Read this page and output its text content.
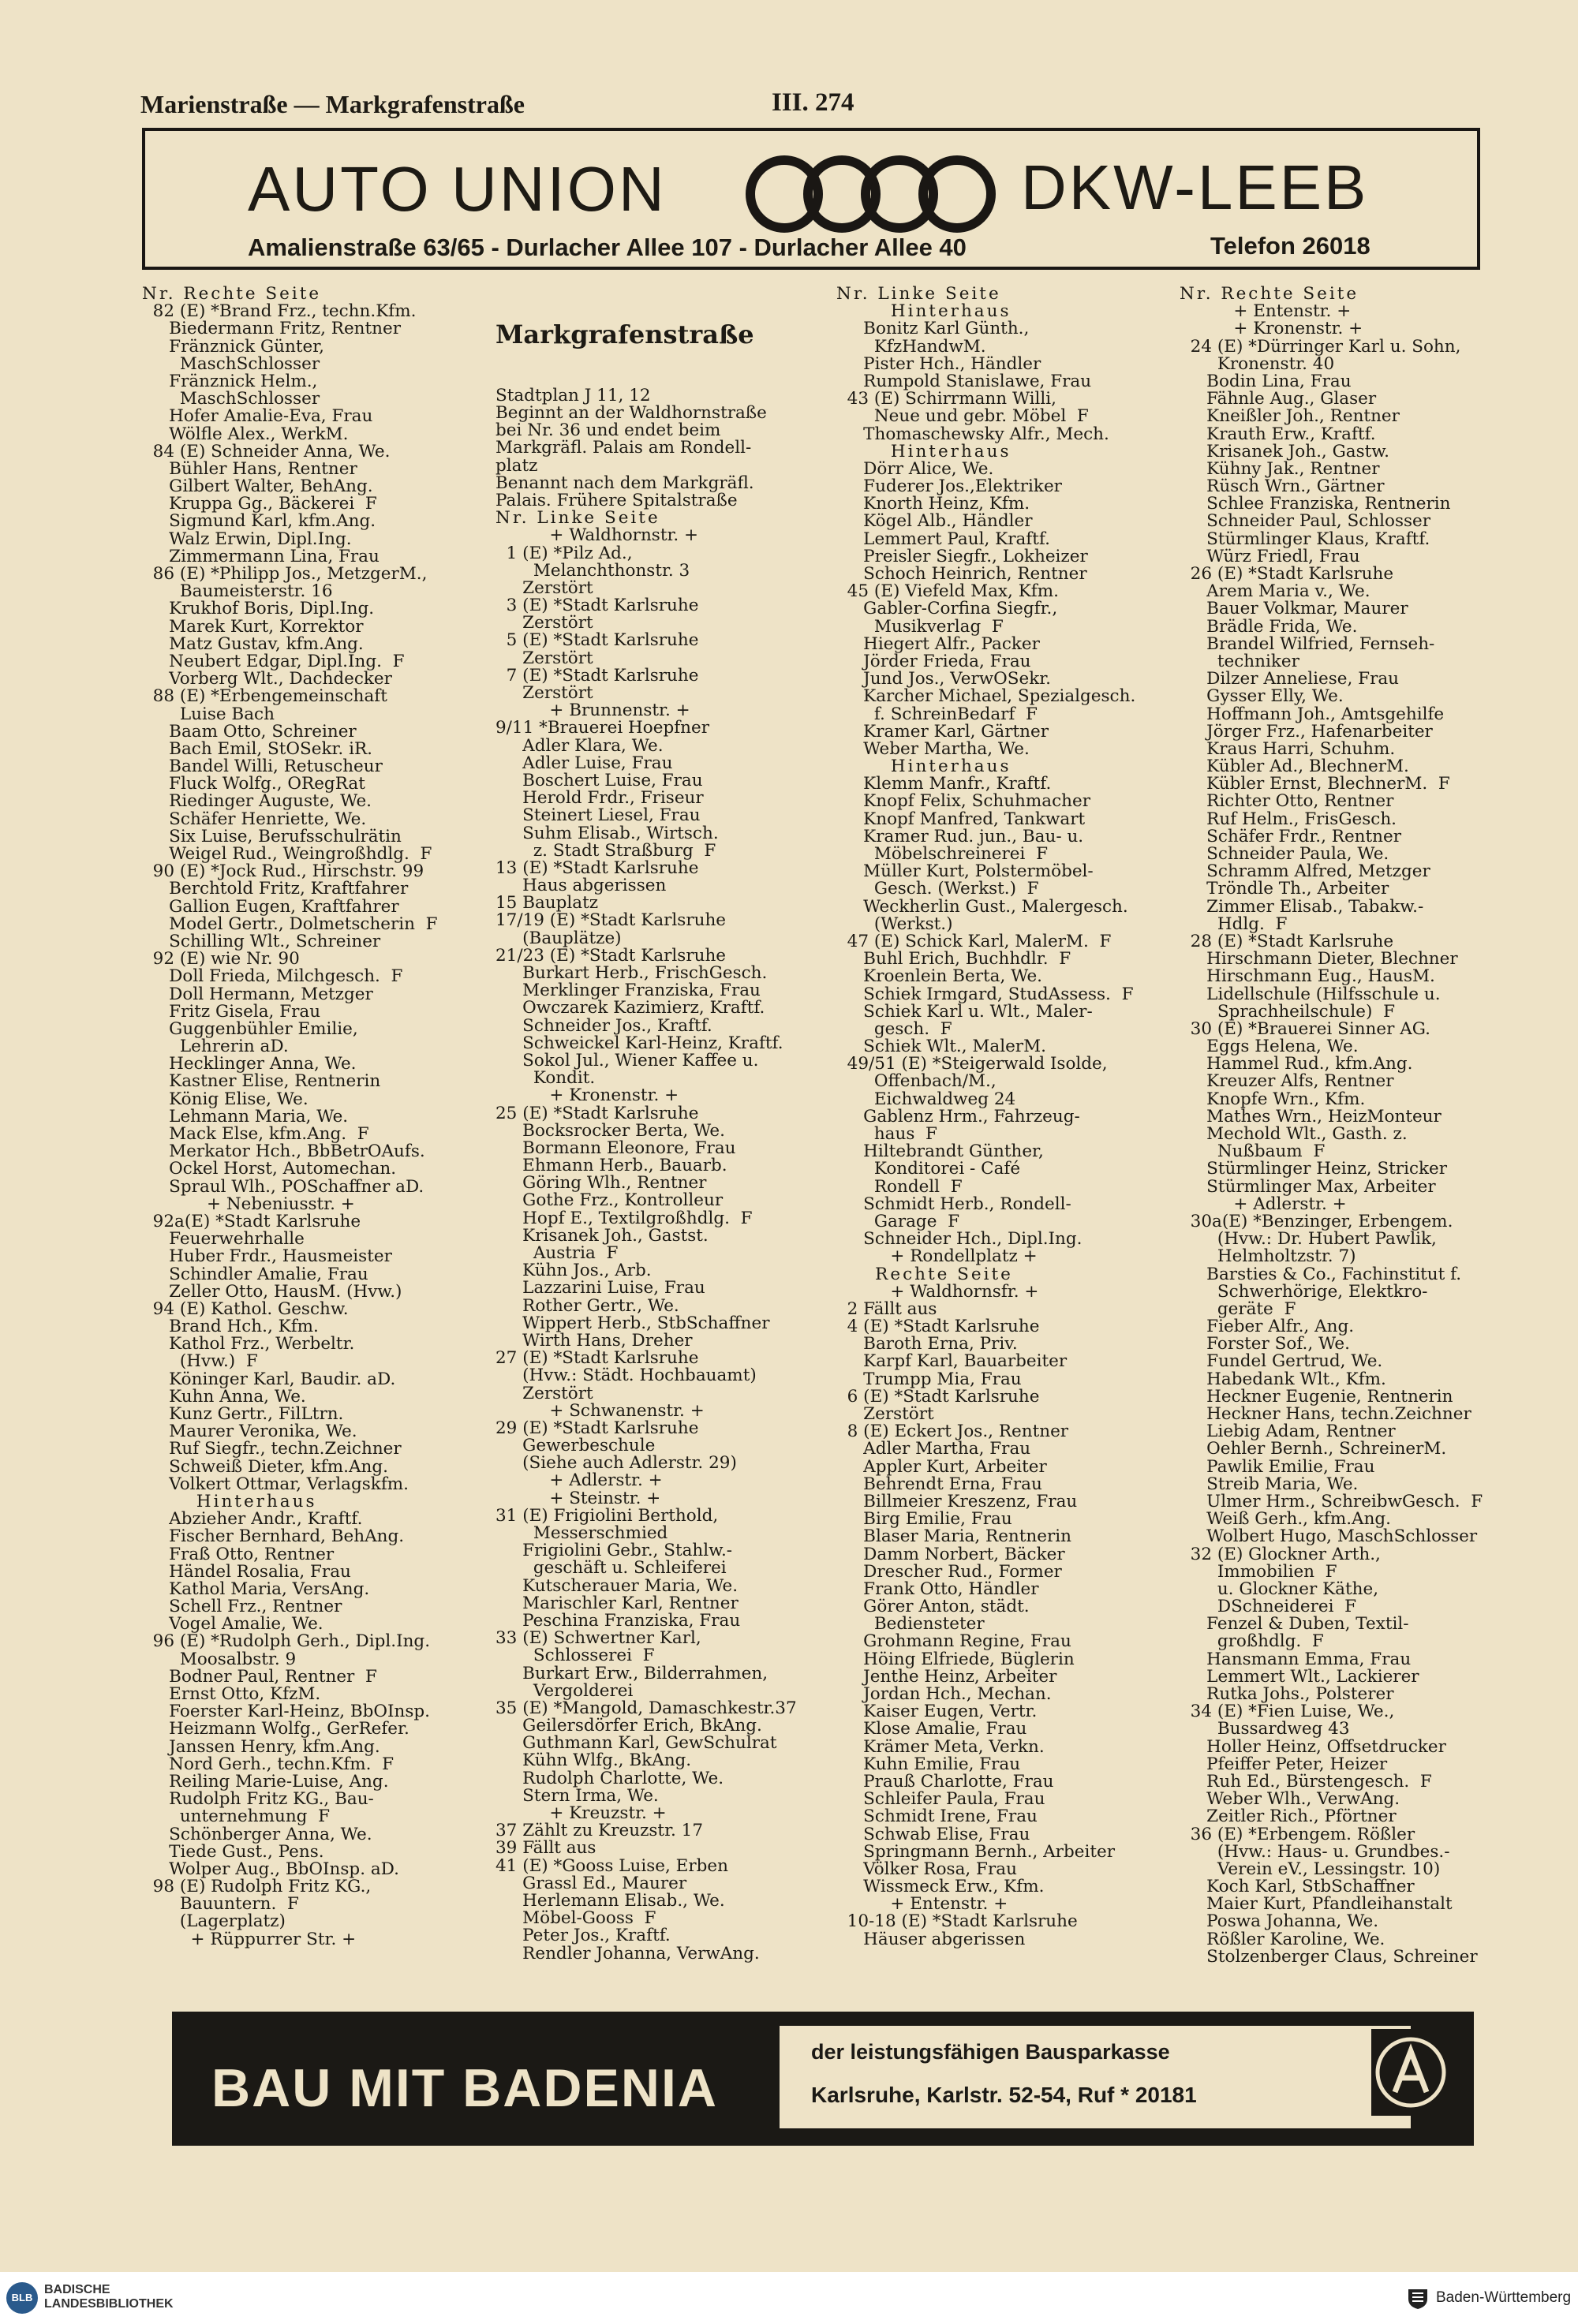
Marienstraße — Markgrafenstraße	III. 274
AUTO UNION	DKW-LEEB
Amalienstraße 63/65 - Durlacher Allee 107 - Durlacher Allee 40	Telefon 26018
Nr. Rechte Seite
82 (E) *Brand Frz., techn.Kfm.
Biedermann Fritz, Rentner
Fränznick Günter,
MaschSchlosser
Fränznick Helm.,
MaschSchlosser
Hofer Amalie-Eva, Frau
Wölfle Alex., WerkM.
84 (E) Schneider Anna, We.
Bühler Hans, Rentner
Gilbert Walter, BehAng.
Kruppa Gg., Bäckerei  F
Sigmund Karl, kfm.Ang.
Walz Erwin, Dipl.Ing.
Zimmermann Lina, Frau
86 (E) *Philipp Jos., MetzgerM.,
Baumeisterstr. 16
Krukhof Boris, Dipl.Ing.
Marek Kurt, Korrektor
Matz Gustav, kfm.Ang.
Neubert Edgar, Dipl.Ing.  F
Vorberg Wlt., Dachdecker
88 (E) *Erbengemeinschaft
Luise Bach
Baam Otto, Schreiner
Bach Emil, StOSekr. iR.
Bandel Willi, Retuscheur
Fluck Wolfg., ORegRat
Riedinger Auguste, We.
Schäfer Henriette, We.
Six Luise, Berufsschulrätin
Weigel Rud., Weingroßhdlg.  F
90 (E) *Jock Rud., Hirschstr. 99
Berchtold Fritz, Kraftfahrer
Gallion Eugen, Kraftfahrer
Model Gertr., Dolmetscherin  F
Schilling Wlt., Schreiner
92 (E) wie Nr. 90
Doll Frieda, Milchgesch.  F
Doll Hermann, Metzger
Fritz Gisela, Frau
Guggenbühler Emilie,
Lehrerin aD.
Hecklinger Anna, We.
Kastner Elise, Rentnerin
König Elise, We.
Lehmann Maria, We.
Mack Else, kfm.Ang.  F
Merkator Hch., BbBetrOAufs.
Ockel Horst, Automechan.
Spraul Wlh., POSchaffner aD.
+ Nebeniusstr. +
92a(E) *Stadt Karlsruhe
Feuerwehrhalle
Huber Frdr., Hausmeister
Schindler Amalie, Frau
Zeller Otto, HausM. (Hvw.)
94 (E) Kathol. Geschw.
Brand Hch., Kfm.
Kathol Frz., Werbeltr.
(Hvw.)  F
Köninger Karl, Baudir. aD.
Kuhn Anna, We.
Kunz Gertr., FilLtrn.
Maurer Veronika, We.
Ruf Siegfr., techn.Zeichner
Schweiß Dieter, kfm.Ang.
Volkert Ottmar, Verlagskfm.
Hinterhaus
Abzieher Andr., Kraftf.
Fischer Bernhard, BehAng.
Fraß Otto, Rentner
Händel Rosalia, Frau
Kathol Maria, VersAng.
Schell Frz., Rentner
Vogel Amalie, We.
96 (E) *Rudolph Gerh., Dipl.Ing.
Moosalbstr. 9
Bodner Paul, Rentner  F
Ernst Otto, KfzM.
Foerster Karl-Heinz, BbOInsp.
Heizmann Wolfg., GerRefer.
Janssen Henry, kfm.Ang.
Nord Gerh., techn.Kfm.  F
Reiling Marie-Luise, Ang.
Rudolph Fritz KG., Bau-
unternehmung  F
Schönberger Anna, We.
Tiede Gust., Pens.
Wolper Aug., BbOInsp. aD.
98 (E) Rudolph Fritz KG.,
Bauuntern.  F
(Lagerplatz)
+ Rüppurrer Str. +

Markgrafenstraße

Stadtplan J 11, 12
Beginnt an der Waldhornstraße
bei Nr. 36 und endet beim
Markgräfl. Palais am Rondell-
platz
Benannt nach dem Markgräfl.
Palais. Frühere Spitalstraße
Nr. Linke Seite
+ Waldhornstr. +
1 (E) *Pilz Ad.,
Melanchthonstr. 3
Zerstört
3 (E) *Stadt Karlsruhe
Zerstört
5 (E) *Stadt Karlsruhe
Zerstört
7 (E) *Stadt Karlsruhe
Zerstört
+ Brunnenstr. +
9/11 *Brauerei Hoepfner
Adler Klara, We.
Adler Luise, Frau
Boschert Luise, Frau
Herold Frdr., Friseur
Steinert Liesel, Frau
Suhm Elisab., Wirtsch.
z. Stadt Straßburg  F
13 (E) *Stadt Karlsruhe
Haus abgerissen
15 Bauplatz
17/19 (E) *Stadt Karlsruhe
(Bauplätze)
21/23 (E) *Stadt Karlsruhe
Burkart Herb., FrischGesch.
Merklinger Franziska, Frau
Owczarek Kazimierz, Kraftf.
Schneider Jos., Kraftf.
Schweickel Karl-Heinz, Kraftf.
Sokol Jul., Wiener Kaffee u.
Kondit.
+ Kronenstr. +
25 (E) *Stadt Karlsruhe
Bocksrocker Berta, We.
Bormann Eleonore, Frau
Ehmann Herb., Bauarb.
Göring Wlh., Rentner
Gothe Frz., Kontrolleur
Hopf E., Textilgroßhdlg.  F
Krisanek Joh., Gastst.
Austria  F
Kühn Jos., Arb.
Lazzarini Luise, Frau
Rother Gertr., We.
Wippert Herb., StbSchaffner
Wirth Hans, Dreher
27 (E) *Stadt Karlsruhe
(Hvw.: Städt. Hochbauamt)
Zerstört
+ Schwanenstr. +
29 (E) *Stadt Karlsruhe
Gewerbeschule
(Siehe auch Adlerstr. 29)
+ Adlerstr. +
+ Steinstr. +
31 (E) Frigiolini Berthold,
Messerschmied
Frigiolini Gebr., Stahlw.-
geschäft u. Schleiferei
Kutscherauer Maria, We.
Marischler Karl, Rentner
Peschina Franziska, Frau
33 (E) Schwertner Karl,
Schlosserei  F
Burkart Erw., Bilderrahmen,
Vergolderei
35 (E) *Mangold, Damaschkestr.37
Geilersdörfer Erich, BkAng.
Guthmann Karl, GewSchulrat
Kühn Wlfg., BkAng.
Rudolph Charlotte, We.
Stern Irma, We.
+ Kreuzstr. +
37 Zählt zu Kreuzstr. 17
39 Fällt aus
41 (E) *Gooss Luise, Erben
Grassl Ed., Maurer
Herlemann Elisab., We.
Möbel-Gooss  F
Peter Jos., Kraftf.
Rendler Johanna, VerwAng.
Nr. Linke Seite
Hinterhaus
Bonitz Karl Günth.,
KfzHandwM.
Pister Hch., Händler
Rumpold Stanislawe, Frau
43 (E) Schirrmann Willi,
Neue und gebr. Möbel  F
Thomaschewsky Alfr., Mech.
Hinterhaus
Dörr Alice, We.
Fuderer Jos.,Elektriker
Knorth Heinz, Kfm.
Kögel Alb., Händler
Lemmert Paul, Kraftf.
Preisler Siegfr., Lokheizer
Schoch Heinrich, Rentner
45 (E) Viefeld Max, Kfm.
Gabler-Corfina Siegfr.,
Musikverlag  F
Hiegert Alfr., Packer
Jörder Frieda, Frau
Jund Jos., VerwOSekr.
Karcher Michael, Spezialgesch.
f. SchreinBedarf  F
Kramer Karl, Gärtner
Weber Martha, We.
Hinterhaus
Klemm Manfr., Kraftf.
Knopf Felix, Schuhmacher
Knopf Manfred, Tankwart
Kramer Rud. jun., Bau- u.
Möbelschreinerei  F
Müller Kurt, Polstermöbel-
Gesch. (Werkst.)  F
Weckherlin Gust., Malergesch.
(Werkst.)
47 (E) Schick Karl, MalerM.  F
Buhl Erich, Buchhdlr.  F
Kroenlein Berta, We.
Schiek Irmgard, StudAssess.  F
Schiek Karl u. Wlt., Maler-
gesch.  F
Schiek Wlt., MalerM.
49/51 (E) *Steigerwald Isolde,
Offenbach/M.,
Eichwaldweg 24
Gablenz Hrm., Fahrzeug-
haus  F
Hiltebrandt Günther,
Konditorei - Café
Rondell  F
Schmidt Herb., Rondell-
Garage  F
Schneider Hch., Dipl.Ing.
+ Rondellplatz +
Rechte Seite
+ Waldhornsfr. +
2 Fällt aus
4 (E) *Stadt Karlsruhe
Baroth Erna, Priv.
Karpf Karl, Bauarbeiter
Trumpp Mia, Frau
6 (E) *Stadt Karlsruhe
Zerstört
8 (E) Eckert Jos., Rentner
Adler Martha, Frau
Appler Kurt, Arbeiter
Behrendt Erna, Frau
Billmeier Kreszenz, Frau
Birg Emilie, Frau
Blaser Maria, Rentnerin
Damm Norbert, Bäcker
Drescher Rud., Former
Frank Otto, Händler
Görer Anton, städt.
Bediensteter
Grohmann Regine, Frau
Höing Elfriede, Büglerin
Jenthe Heinz, Arbeiter
Jordan Hch., Mechan.
Kaiser Eugen, Vertr.
Klose Amalie, Frau
Krämer Meta, Verkn.
Kuhn Emilie, Frau
Prauß Charlotte, Frau
Schleifer Paula, Frau
Schmidt Irene, Frau
Schwab Elise, Frau
Springmann Bernh., Arbeiter
Völker Rosa, Frau
Wissmeck Erw., Kfm.
+ Entenstr. +
10-18 (E) *Stadt Karlsruhe
Häuser abgerissen
Nr. Rechte Seite
+ Entenstr. +
+ Kronenstr. +
24 (E) *Dürringer Karl u. Sohn,
Kronenstr. 40
Bodin Lina, Frau
Fähnle Aug., Glaser
Kneißler Joh., Rentner
Krauth Erw., Kraftf.
Krisanek Joh., Gastw.
Kühny Jak., Rentner
Rüsch Wrn., Gärtner
Schlee Franziska, Rentnerin
Schneider Paul, Schlosser
Stürmlinger Klaus, Kraftf.
Würz Friedl, Frau
26 (E) *Stadt Karlsruhe
Arem Maria v., We.
Bauer Volkmar, Maurer
Brädle Frida, We.
Brandel Wilfried, Fernseh-
techniker
Dilzer Anneliese, Frau
Gysser Elly, We.
Hoffmann Joh., Amtsgehilfe
Jörger Frz., Hafenarbeiter
Kraus Harri, Schuhm.
Kübler Ad., BlechnerM.
Kübler Ernst, BlechnerM.  F
Richter Otto, Rentner
Ruf Helm., FrisGesch.
Schäfer Frdr., Rentner
Schneider Paula, We.
Schramm Alfred, Metzger
Tröndle Th., Arbeiter
Zimmer Elisab., Tabakw.-
Hdlg.  F
28 (E) *Stadt Karlsruhe
Hirschmann Dieter, Blechner
Hirschmann Eug., HausM.
Lidellschule (Hilfsschule u.
Sprachheilschule)  F
30 (E) *Brauerei Sinner AG.
Eggs Helena, We.
Hammel Rud., kfm.Ang.
Kreuzer Alfs, Rentner
Knopfe Wrn., Kfm.
Mathes Wrn., HeizMonteur
Mechold Wlt., Gasth. z.
Nußbaum  F
Stürmlinger Heinz, Stricker
Stürmlinger Max, Arbeiter
+ Adlerstr. +
30a(E) *Benzinger, Erbengem.
(Hvw.: Dr. Hubert Pawlik,
Helmholtzstr. 7)
Barsties & Co., Fachinstitut f.
Schwerhörige, Elektkro-
geräte  F
Fieber Alfr., Ang.
Forster Sof., We.
Fundel Gertrud, We.
Habedank Wlt., Kfm.
Heckner Eugenie, Rentnerin
Heckner Hans, techn.Zeichner
Liebig Adam, Rentner
Oehler Bernh., SchreinerM.
Pawlik Emilie, Frau
Streib Maria, We.
Ulmer Hrm., SchreibwGesch.  F
Weiß Gerh., kfm.Ang.
Wolbert Hugo, MaschSchlosser
32 (E) Glockner Arth.,
Immobilien  F
u. Glockner Käthe,
DSchneiderei  F
Fenzel & Duben, Textil-
großhdlg.  F
Hansmann Emma, Frau
Lemmert Wlt., Lackierer
Rutka Johs., Polsterer
34 (E) *Fien Luise, We.,
Bussardweg 43
Holler Heinz, Offsetdrucker
Pfeiffer Peter, Heizer
Ruh Ed., Bürstengesch.  F
Weber Wlh., VerwAng.
Zeitler Rich., Pförtner
36 (E) *Erbengem. Rößler
(Hvw.: Haus- u. Grundbes.-
Verein eV., Lessingstr. 10)
Koch Karl, StbSchaffner
Maier Kurt, Pfandleihanstalt
Poswa Johanna, We.
Rößler Karoline, We.
Stolzenberger Claus, Schreiner
BAU MIT BADENIA
der leistungsfähigen Bausparkasse
Karlsruhe, Karlstr. 52-54, Ruf * 20181
BLB
BADISCHE
LANDESBIBLIOTHEK	Baden-Württemberg
